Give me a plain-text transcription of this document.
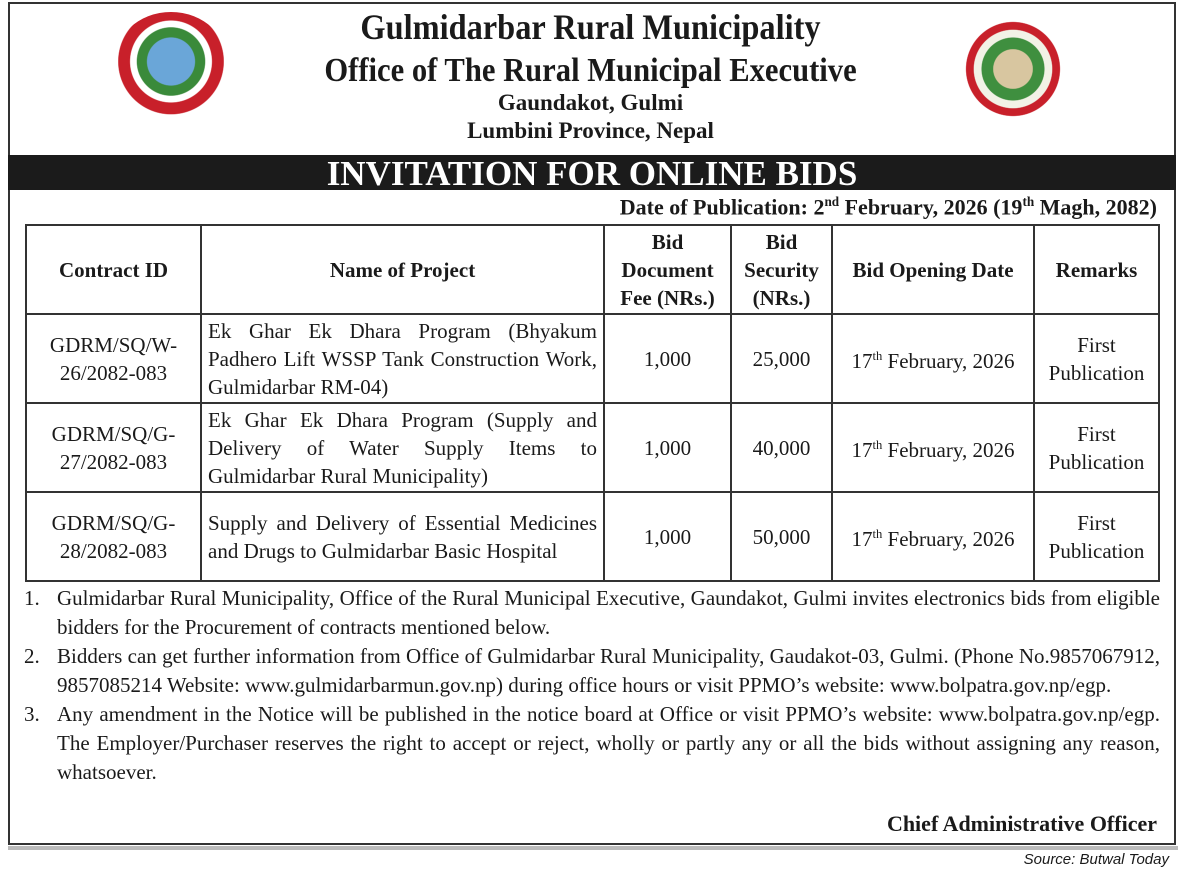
Gulmidarbar Rural Municipality
Office of The Rural Municipal Executive
Gaundakot, Gulmi
Lumbini Province, Nepal
INVITATION FOR ONLINE BIDS
Date of Publication: 2nd February, 2026 (19th Magh, 2082)
Contract ID	Name of Project	Bid Document Fee (NRs.)	Bid Security (NRs.)	Bid Opening Date	Remarks
GDRM/SQ/W-26/2082-083	Ek Ghar Ek Dhara Program (Bhyakum Padhero Lift WSSP Tank Construction Work, Gulmidarbar RM-04)	1,000	25,000	17th February, 2026	First Publication
GDRM/SQ/G-27/2082-083	Ek Ghar Ek Dhara Program (Supply and Delivery of Water Supply Items to Gulmidarbar Rural Municipality)	1,000	40,000	17th February, 2026	First Publication
GDRM/SQ/G-28/2082-083	Supply and Delivery of Essential Medicines and Drugs to Gulmidarbar Basic Hospital	1,000	50,000	17th February, 2026	First Publication
1. Gulmidarbar Rural Municipality, Office of the Rural Municipal Executive, Gaundakot, Gulmi invites electronics bids from eligible bidders for the Procurement of contracts mentioned below.
2. Bidders can get further information from Office of Gulmidarbar Rural Municipality, Gaudakot-03, Gulmi. (Phone No.9857067912, 9857085214 Website: www.gulmidarbarmun.gov.np) during office hours or visit PPMO’s website: www.bolpatra.gov.np/egp.
3. Any amendment in the Notice will be published in the notice board at Office or visit PPMO’s website: www.bolpatra.gov.np/egp. The Employer/Purchaser reserves the right to accept or reject, wholly or partly any or all the bids without assigning any reason, whatsoever.
Chief Administrative Officer
Source: Butwal Today
